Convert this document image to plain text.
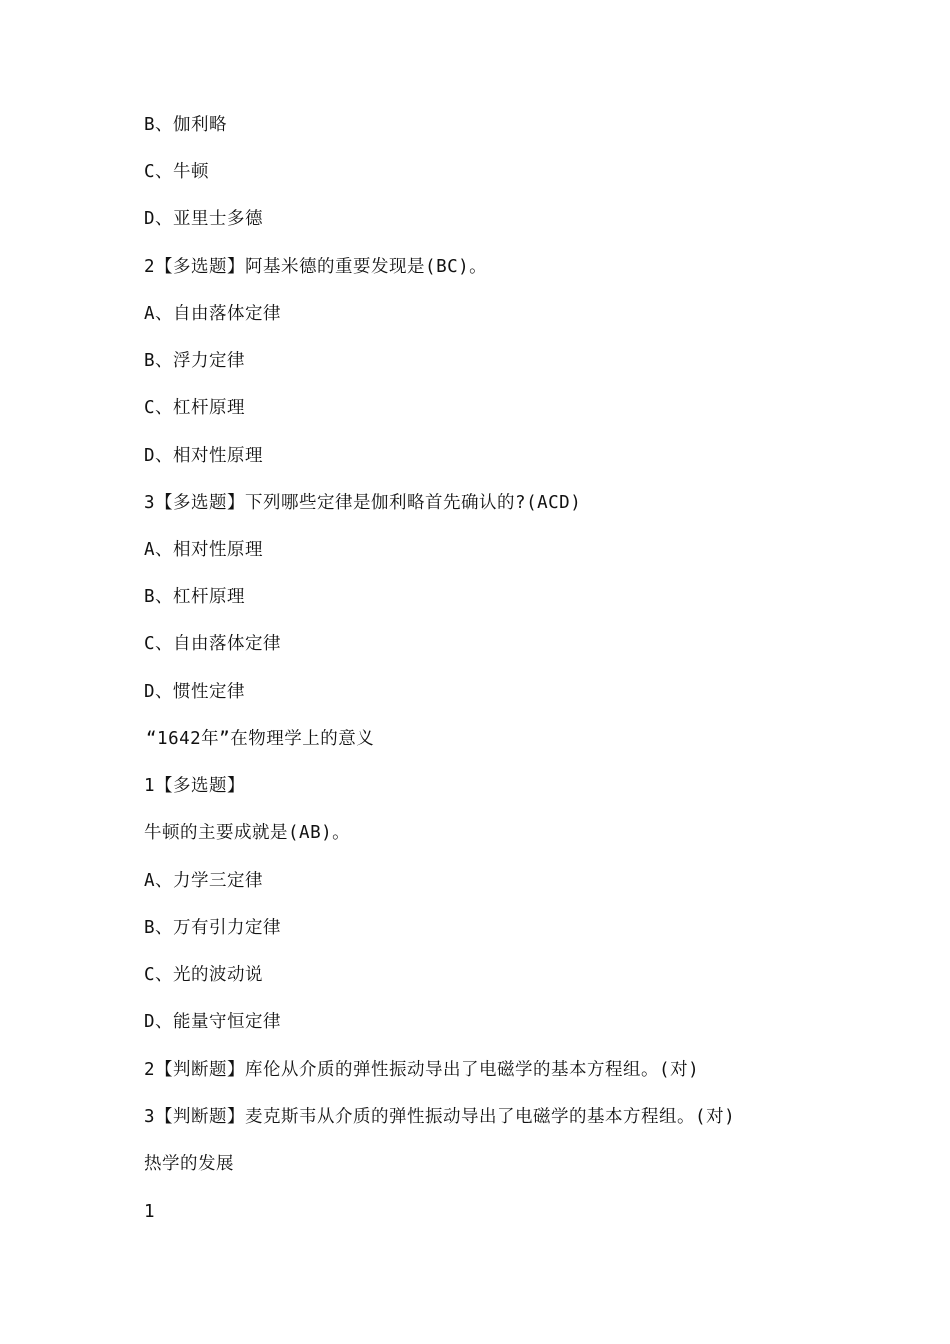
B、伽利略
C、牛顿
D、亚里士多德
2【多选题】阿基米德的重要发现是(BC)。
A、自由落体定律
B、浮力定律
C、杠杆原理
D、相对性原理
3【多选题】下列哪些定律是伽利略首先确认的?(ACD)
A、相对性原理
B、杠杆原理
C、自由落体定律
D、惯性定律
“1642年”在物理学上的意义
1【多选题】
牛顿的主要成就是(AB)。
A、力学三定律
B、万有引力定律
C、光的波动说
D、能量守恒定律
2【判断题】库伦从介质的弹性振动导出了电磁学的基本方程组。(对)
3【判断题】麦克斯韦从介质的弹性振动导出了电磁学的基本方程组。(对)
热学的发展
1
